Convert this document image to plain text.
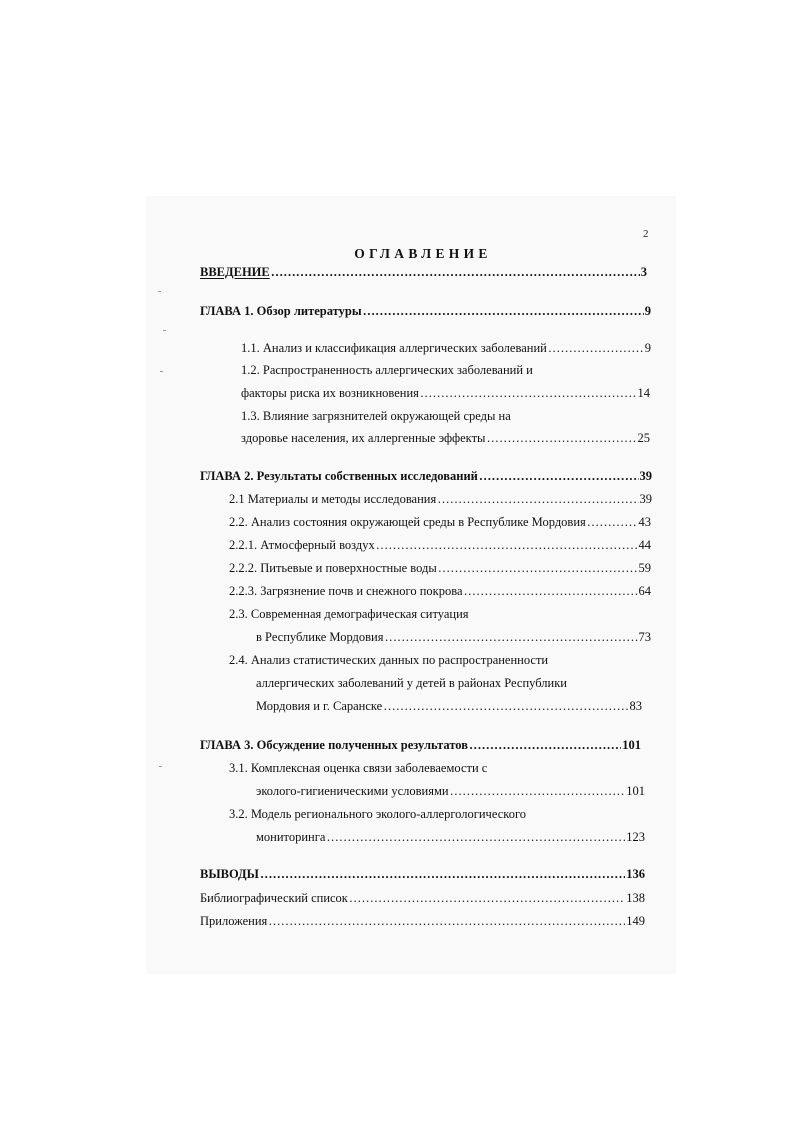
2
ОГЛАВЛЕНИЕ
ВВЕДЕНИЕ ………………………………………………………………………………………………………………………………………………………………	3
ГЛАВА 1. Обзор литературы ………………………………………………………………………………………………………………………………………………………………	9
1.1. Анализ и классификация аллергических заболеваний ………………………………………………………………………………………………………………………………………………………………	9
1.2. Распространенность аллергических заболеваний и
факторы риска их возникновения ………………………………………………………………………………………………………………………………………………………………	14
1.3. Влияние загрязнителей окружающей среды на
здоровье населения, их аллергенные эффекты ………………………………………………………………………………………………………………………………………………………………	25
ГЛАВА 2. Результаты собственных исследований ………………………………………………………………………………………………………………………………………………………………	39
2.1 Материалы и методы исследования ………………………………………………………………………………………………………………………………………………………………	39
2.2. Анализ состояния окружающей среды в Республике Мордовия ………………………………………………………………………………………………………………………………………………………………	43
2.2.1. Атмосферный воздух ………………………………………………………………………………………………………………………………………………………………	44
2.2.2. Питьевые и поверхностные воды ………………………………………………………………………………………………………………………………………………………………	59
2.2.3. Загрязнение почв и снежного покрова ………………………………………………………………………………………………………………………………………………………………	64
2.3. Современная демографическая ситуация
в Республике Мордовия ………………………………………………………………………………………………………………………………………………………………	73
2.4. Анализ статистических данных по распространенности
аллергических заболеваний у детей в районах Республики
Мордовия и г. Саранске ………………………………………………………………………………………………………………………………………………………………	83
ГЛАВА 3. Обсуждение полученных результатов ………………………………………………………………………………………………………………………………………………………………	101
3.1. Комплексная оценка связи заболеваемости с
эколого-гигиеническими условиями ………………………………………………………………………………………………………………………………………………………………	101
3.2. Модель регионального эколого-аллергологического
мониторинга ………………………………………………………………………………………………………………………………………………………………	123
ВЫВОДЫ ………………………………………………………………………………………………………………………………………………………………	136
Библиографический список ………………………………………………………………………………………………………………………………………………………………	138
Приложения ………………………………………………………………………………………………………………………………………………………………	149
